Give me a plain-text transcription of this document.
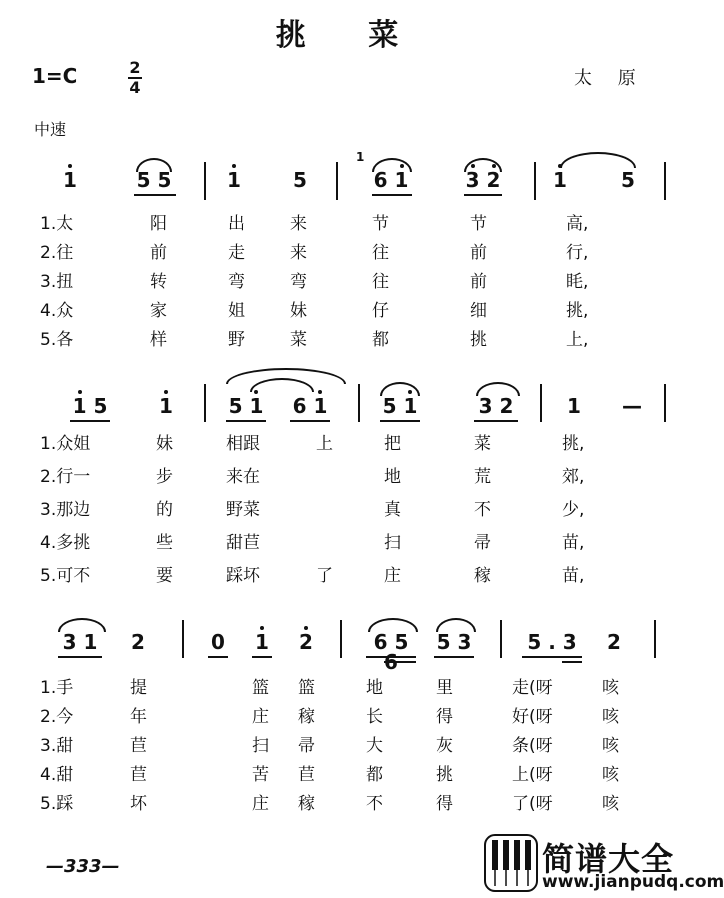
挑 菜
1=C	2
4	太 原
中速
1
1	5 5	1	5	6 1	3 2	1	5
1.太	阳	出	来	节	节	高,
2.往	前	走	来	往	前	行,
3.扭	转	弯	弯	往	前	眊,
4.众	家	姐	妹	仔	细	挑,
5.各	样	野	菜	都	挑	上,
1 5	1	5 1 6 1	5 1	3 2	1 —
1.众姐	妹	相跟	上	把	菜	挑,
2.行一	步	来在	地	荒	郊,
3.那边	的	野菜	真	不	少,
4.多挑	些	甜苣	扫	帚	苗,
5.可不	要	踩坏	了	庄	稼	苗,
3 1 2	0 1 2	6 5	5 3	5 . 3 2
1.手	提	篮 篮	地	里	走(呀	咳
2.今	年	庄 稼	长	得	好(呀	咳
3.甜	苣	扫 帚	大	灰	条(呀	咳
4.甜	苣	苦 苣	都	挑	上(呀	咳
5.踩	坏	庄 稼	不	得	了(呀	咳
—333—	简谱大全
www.jianpudq.com
